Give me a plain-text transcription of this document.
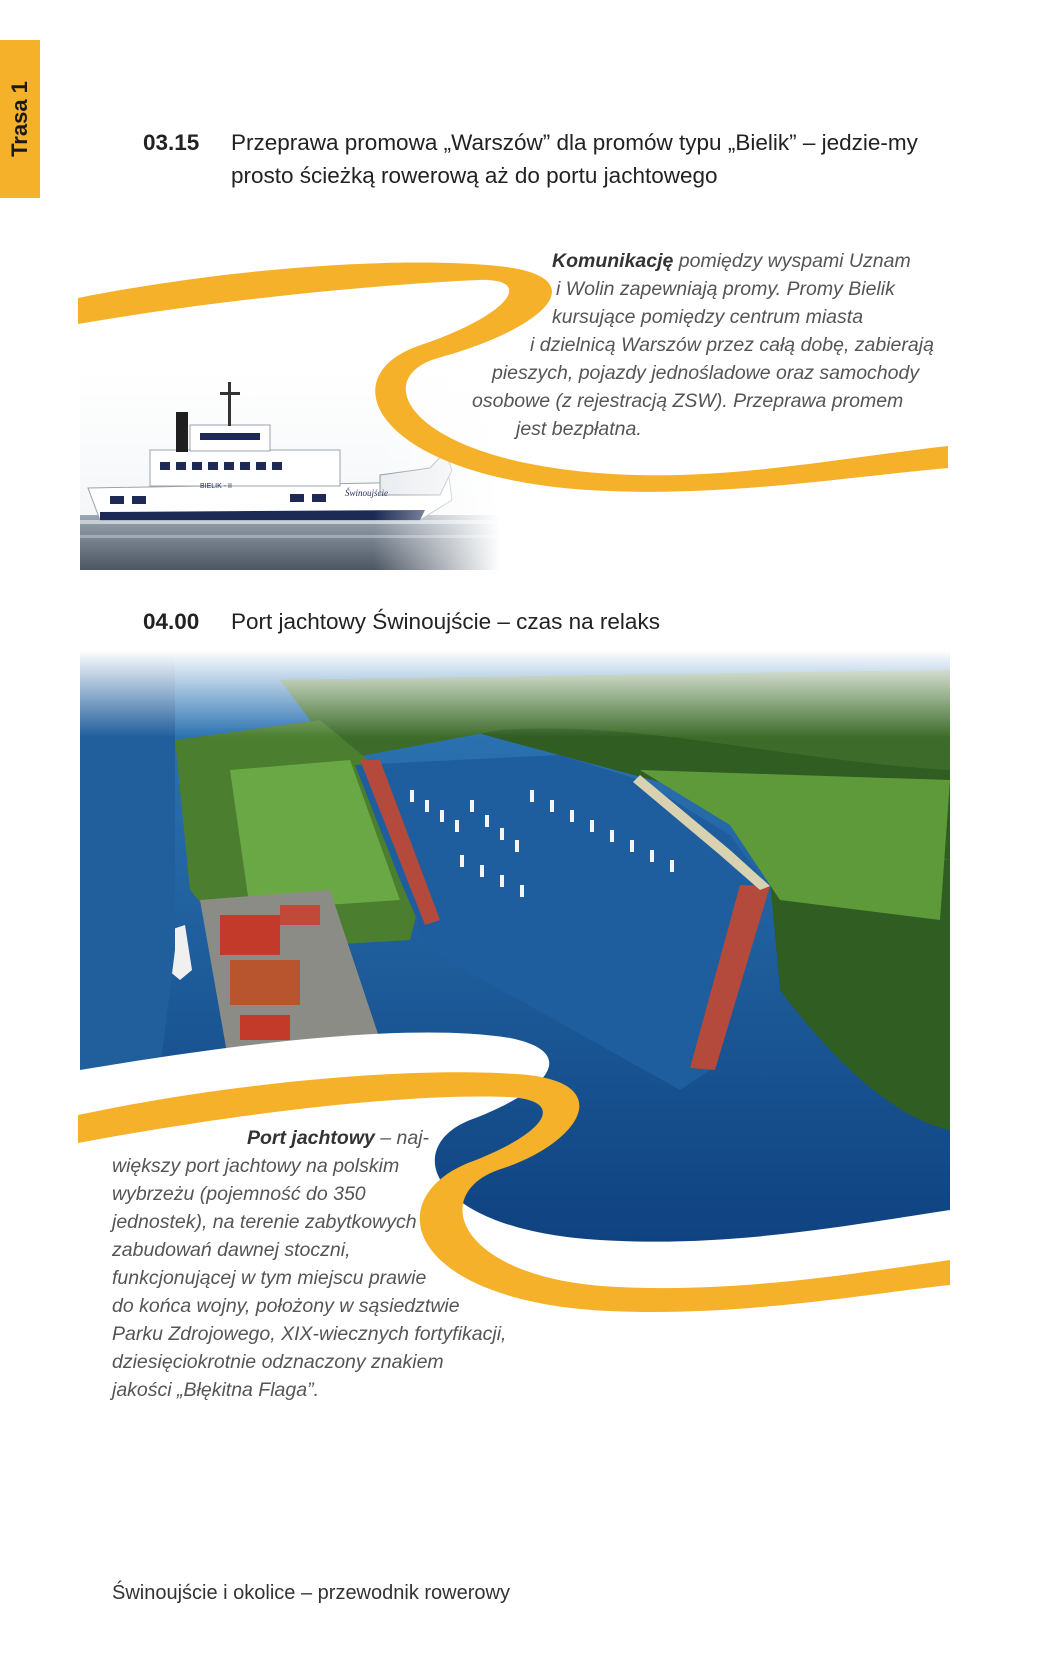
Trasa 1	03.15 Przeprawa promowa „Warszów” dla promów typu „Bielik” – jedzie-my prosto ścieżką rowerową aż do portu jachtowego

Komunikację pomiędzy wyspami Uznam
i Wolin zapewniają promy. Promy Bielik
kursujące pomiędzy centrum miasta
i dzielnicą Warszów przez całą dobę, zabierają
pieszych, pojazdy jednośladowe oraz samochody
osobowe (z rejestracją ZSW). Przeprawa promem
jest bezpłatna.

04.00 Port jachtowy Świnoujście – czas na relaks

Port jachtowy – naj-
większy port jachtowy na polskim
wybrzeżu (pojemność do 350
jednostek), na terenie zabytkowych
zabudowań dawnej stoczni,
funkcjonującej w tym miejscu prawie
do końca wojny, położony w sąsiedztwie
Parku Zdrojowego, XIX-wiecznych fortyfikacji,
dziesięciokrotnie odznaczony znakiem
jakości „Błękitna Flaga”.

Świnoujście i okolice – przewodnik rowerowy
